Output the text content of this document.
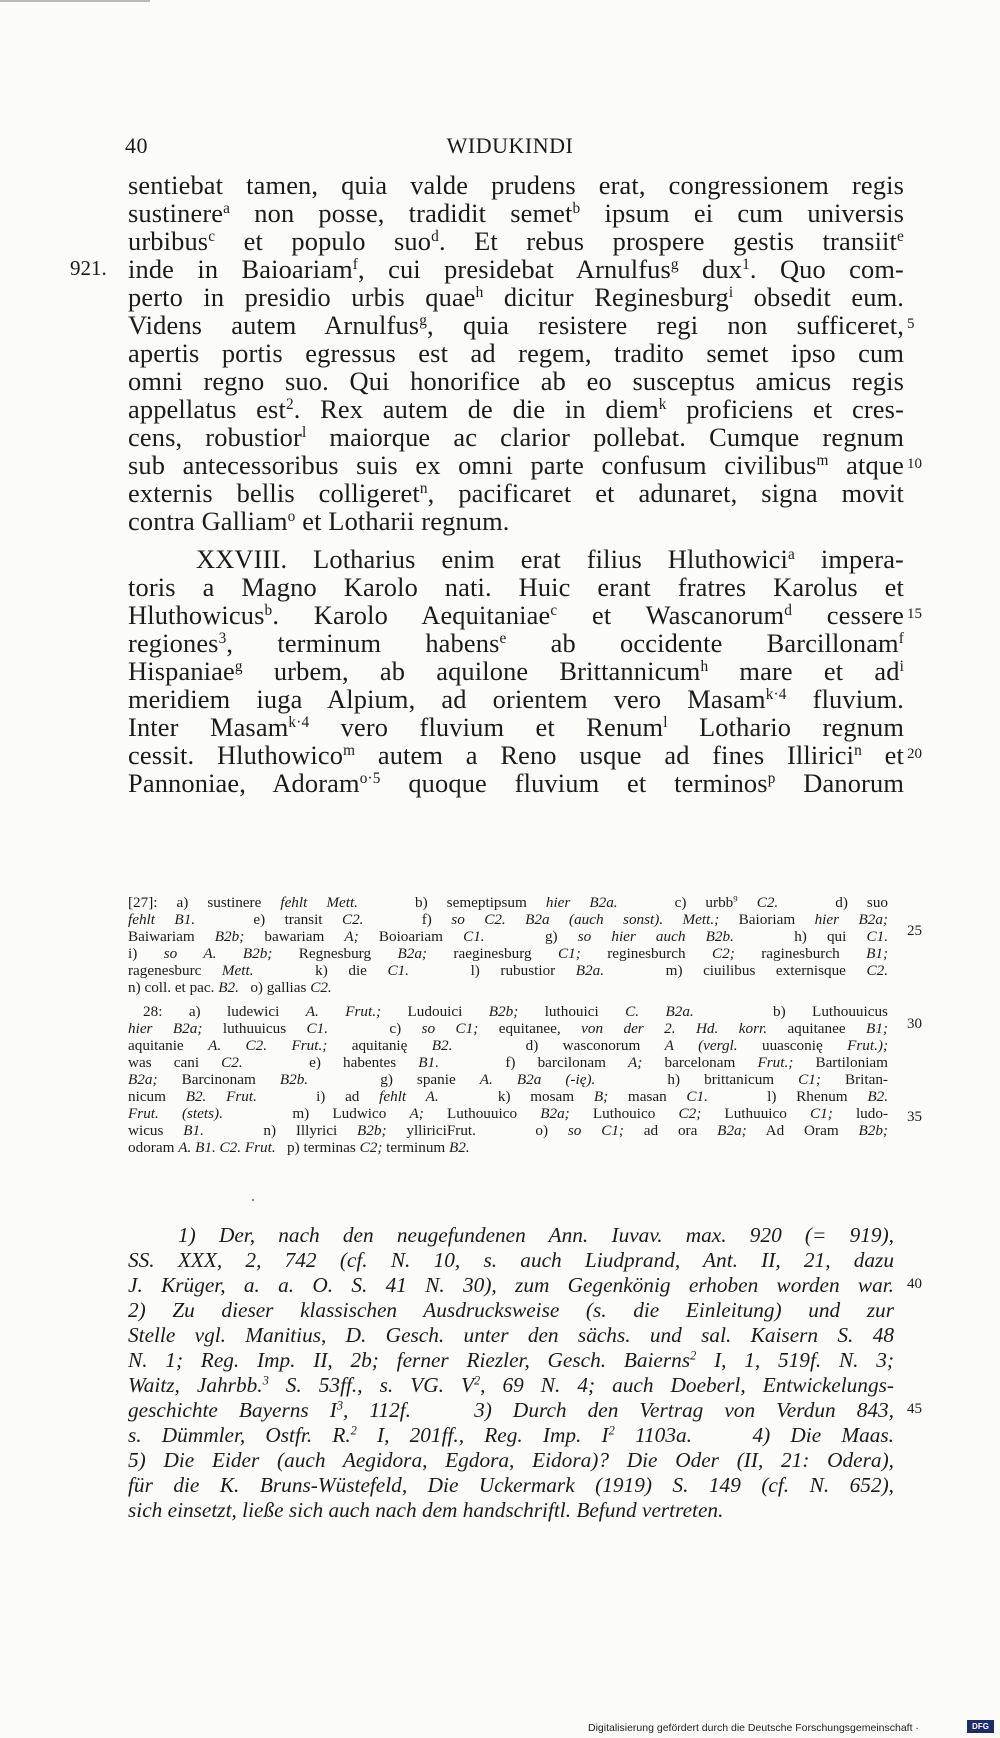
40	WIDUKINDI
921.
sentiebat tamen, quia valde prudens erat, congressionem regis
sustinere$^a$ non posse, tradidit semet$^b$ ipsum ei cum universis
urbibus$^c$ et populo suo$^d$. Et rebus prospere gestis transiit$^e$
inde in Baioariam$^f$, cui presidebat Arnulfus$^g$ dux$^1$. Quo com-
perto in presidio urbis quae$^h$ dicitur Reginesburg$^i$ obsedit eum.
Videns autem Arnulfus$^g$, quia resistere regi non sufficeret,
apertis portis egressus est ad regem, tradito semet ipso cum
omni regno suo. Qui honorifice ab eo susceptus amicus regis
appellatus est$^2$. Rex autem de die in diem$^k$ proficiens et cres-
cens, robustior$^l$ maiorque ac clarior pollebat. Cumque regnum
sub antecessoribus suis ex omni parte confusum civilibus$^m$ atque
externis bellis colligeret$^n$, pacificaret et adunaret, signa movit
contra Galliam$^o$ et Lotharii regnum.
XXVIII. Lotharius enim erat filius Hluthowici$^a$ impera-
toris a Magno Karolo nati. Huic erant fratres Karolus et
Hluthowicus$^b$. Karolo Aequitaniae$^c$ et Wascanorum$^d$ cessere
regiones$^3$, terminum habens$^e$ ab occidente Barcillonam$^f$
Hispaniae$^g$ urbem, ab aquilone Brittannicum$^h$ mare et $ad^i$
meridiem iuga Alpium, ad orientem vero Masam$^{k\cdot 4}$ fluvium.
Inter Masam$^{k\cdot 4}$ vero fluvium et Renum$^l$ Lothario regnum
cessit. Hluthowico$^m$ autem a Reno usque ad fines Illirici$^n$ et
Pannoniae, Adoram$^{o\cdot 5}$ quoque fluvium et terminos$^p$ Danorum
[27]: a) sustinere fehlt Mett.   b) semeptipsum hier B2a.   c) urbb$^9$ C2.   d) suo
fehlt B1.   e) transit C2.   f) so C2. B2a (auch sonst). Mett.; Baioriam hier B2a;
Baiwariam B2b; bawariam A; Boioariam C1.   g) so hier auch B2b.   h) qui C1.
i) so A. B2b; Regnesburg B2a; raeginesburg C1; reginesburch C2; raginesburch B1;
ragenesburc Mett.   k) die C1.   l) rubustior B2a.   m) ciuilibus externisque C2.
n) coll. et pac. B2.   o) gallias C2.
28: a) ludewici A. Frut.; Ludouici B2b; luthouici C. B2a.   b) Luthouuicus
hier B2a; luthuuicus C1.   c) so C1; equitanee, von der 2. Hd. korr. aquitanee B1;
aquitanie A. C2. Frut.; aquitanię B2.   d) wasconorum A (vergl. uuasconię Frut.);
was cani C2.   e) habentes B1.   f) barcilonam A; barcelonam Frut.; Bartiloniam
B2a; Barcinonam B2b.   g) spanie A. B2a (-ię).   h) brittanicum C1; Britan-
nicum B2. Frut.   i) ad fehlt A.   k) mosam B; masan C1.   l) Rhenum B2.
Frut. (stets).   m) Ludwico A; Luthouuico B2a; Luthouico C2; Luthuuico C1; ludo-
wicus B1.   n) Illyrici B2b; ylliriciFrut.   o) so C1; ad ora B2a; Ad Oram B2b;
odoram A. B1. C2. Frut.   p) terminas C2; terminum B2.
1) Der, nach den neugefundenen Ann. Iuvav. max. 920 (= 919),
SS. XXX, 2, 742 (cf. N. 10, s. auch Liudprand, Ant. II, 21, dazu
J. Krüger, a. a. O. S. 41 N. 30), zum Gegenkönig erhoben worden war.
2) Zu dieser klassischen Ausdrucksweise (s. die Einleitung) und zur
Stelle vgl. Manitius, D. Gesch. unter den sächs. und sal. Kaisern S. 48
N. 1; Reg. Imp. II, 2b; ferner Riezler, Gesch. Baierns$^2$ I, 1, 519f. N. 3;
Waitz, Jahrbb.$^3$ S. 53ff., s. VG. $V^2$, 69 N. 4; auch Doeberl, Entwickelungs-
geschichte Bayerns $I^3$, 112f.   3) Durch den Vertrag von Verdun 843,
s. Dümmler, Ostfr. R.$^2$ I, 201ff., Reg. Imp. $I^2$ 1103a.   4) Die Maas.
5) Die Eider (auch Aegidora, Egdora, Eidora)? Die Oder (II, 21: Odera),
für die K. Bruns-Wüstefeld, Die Uckermark (1919) S. 149 (cf. N. 652),
sich einsetzt, ließe sich auch nach dem handschriftl. Befund vertreten.
5
10
15
20
25
30
35
40
45
Digitalisierung gefördert durch die Deutsche Forschungsgemeinschaft ·	DFG
